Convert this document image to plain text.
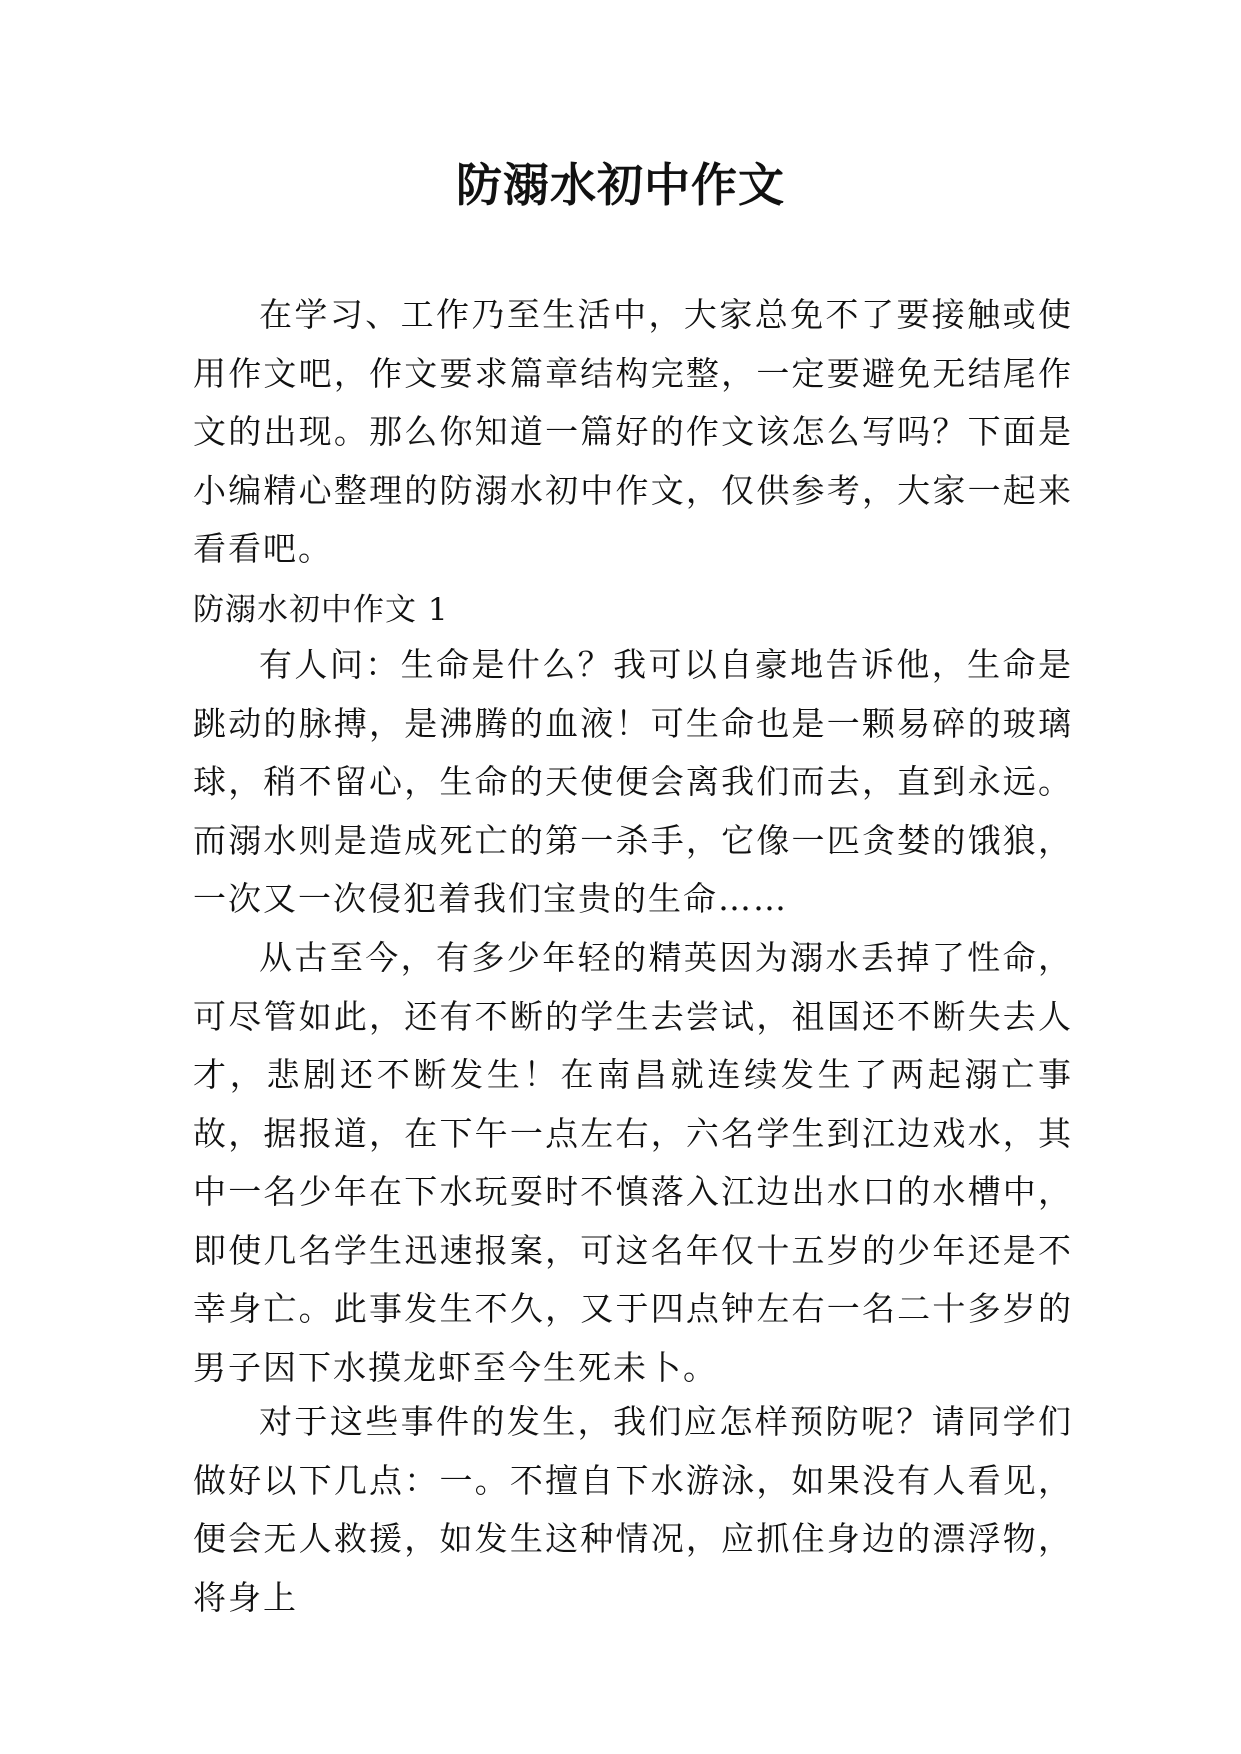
防溺水初中作文

在学习、工作乃至生活中，大家总免不了要接触或使用作文吧，作文要求篇章结构完整，一定要避免无结尾作文的出现。那么你知道一篇好的作文该怎么写吗？下面是小编精心整理的防溺水初中作文，仅供参考，大家一起来看看吧。

防溺水初中作文 1

有人问：生命是什么？我可以自豪地告诉他，生命是跳动的脉搏，是沸腾的血液！可生命也是一颗易碎的玻璃球，稍不留心，生命的天使便会离我们而去，直到永远。而溺水则是造成死亡的第一杀手，它像一匹贪婪的饿狼，一次又一次侵犯着我们宝贵的生命……

从古至今，有多少年轻的精英因为溺水丢掉了性命，可尽管如此，还有不断的学生去尝试，祖国还不断失去人才，悲剧还不断发生！在南昌就连续发生了两起溺亡事故，据报道，在下午一点左右，六名学生到江边戏水，其中一名少年在下水玩耍时不慎落入江边出水口的水槽中，即使几名学生迅速报案，可这名年仅十五岁的少年还是不幸身亡。此事发生不久，又于四点钟左右一名二十多岁的男子因下水摸龙虾至今生死未卜。

对于这些事件的发生，我们应怎样预防呢？请同学们做好以下几点：一。不擅自下水游泳，如果没有人看见，便会无人救援，如发生这种情况，应抓住身边的漂浮物，将身上
